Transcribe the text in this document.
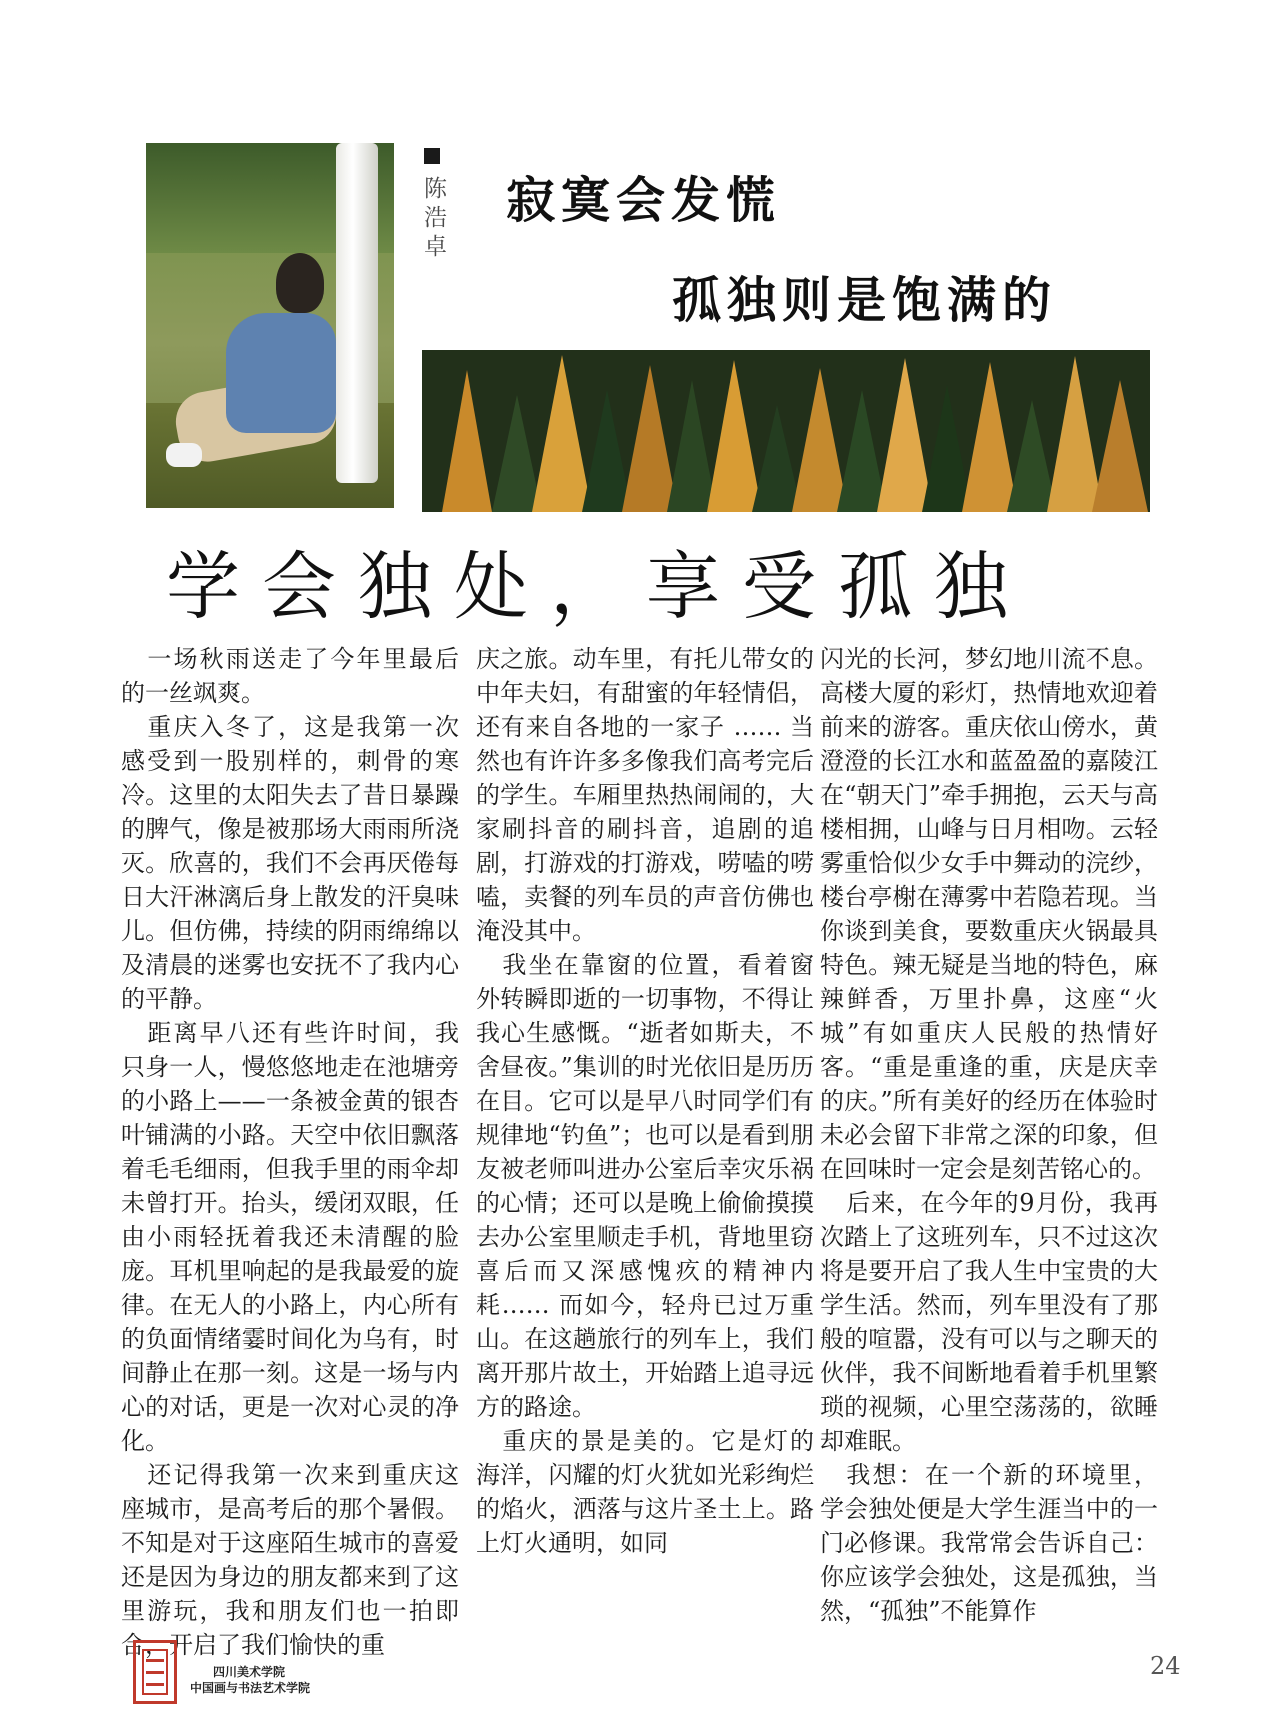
陈浩卓
寂寞会发慌
孤独则是饱满的
学会独处，享受孤独

一场秋雨送走了今年里最后的一丝飒爽。

重庆入冬了，这是我第一次感受到一股别样的，刺骨的寒冷。这里的太阳失去了昔日暴躁的脾气，像是被那场大雨雨所浇灭。欣喜的，我们不会再厌倦每日大汗淋漓后身上散发的汗臭味儿。但仿佛，持续的阴雨绵绵以及清晨的迷雾也安抚不了我内心的平静。

距离早八还有些许时间，我只身一人，慢悠悠地走在池塘旁的小路上——一条被金黄的银杏叶铺满的小路。天空中依旧飘落着毛毛细雨，但我手里的雨伞却未曾打开。抬头，缓闭双眼，任由小雨轻抚着我还未清醒的脸庞。耳机里响起的是我最爱的旋律。在无人的小路上，内心所有的负面情绪霎时间化为乌有，时间静止在那一刻。这是一场与内心的对话，更是一次对心灵的净化。

还记得我第一次来到重庆这座城市，是高考后的那个暑假。不知是对于这座陌生城市的喜爱还是因为身边的朋友都来到了这里游玩，我和朋友们也一拍即合，开启了我们愉快的重

庆之旅。动车里，有托儿带女的中年夫妇，有甜蜜的年轻情侣，还有来自各地的一家子 …… 当然也有许许多多像我们高考完后的学生。车厢里热热闹闹的，大家刷抖音的刷抖音，追剧的追剧，打游戏的打游戏，唠嗑的唠嗑，卖餐的列车员的声音仿佛也淹没其中。

我坐在靠窗的位置，看着窗外转瞬即逝的一切事物，不得让我心生感慨。“逝者如斯夫，不舍昼夜。”集训的时光依旧是历历在目。它可以是早八时同学们有规律地“钓鱼”；也可以是看到朋友被老师叫进办公室后幸灾乐祸的心情；还可以是晚上偷偷摸摸去办公室里顺走手机，背地里窃喜后而又深感愧疚的精神内耗…… 而如今，轻舟已过万重山。在这趟旅行的列车上，我们离开那片故土，开始踏上追寻远方的路途。

重庆的景是美的。它是灯的海洋，闪耀的灯火犹如光彩绚烂的焰火，洒落与这片圣土上。路上灯火通明，如同

闪光的长河，梦幻地川流不息。高楼大厦的彩灯，热情地欢迎着前来的游客。重庆依山傍水，黄澄澄的长江水和蓝盈盈的嘉陵江在“朝天门”牵手拥抱，云天与高楼相拥，山峰与日月相吻。云轻雾重恰似少女手中舞动的浣纱，楼台亭榭在薄雾中若隐若现。当你谈到美食，要数重庆火锅最具特色。辣无疑是当地的特色，麻辣鲜香，万里扑鼻，这座“火城”有如重庆人民般的热情好客。“重是重逢的重，庆是庆幸的庆。”所有美好的经历在体验时未必会留下非常之深的印象，但在回味时一定会是刻苦铭心的。

后来，在今年的9月份，我再次踏上了这班列车，只不过这次将是要开启了我人生中宝贵的大学生活。然而，列车里没有了那般的喧嚣，没有可以与之聊天的伙伴，我不间断地看着手机里繁琐的视频，心里空荡荡的，欲睡却难眠。

我想：在一个新的环境里，学会独处便是大学生涯当中的一门必修课。我常常会告诉自己：你应该学会独处，这是孤独，当然，“孤独”不能算作

四川美术学院
中国画与书法艺术学院
24
